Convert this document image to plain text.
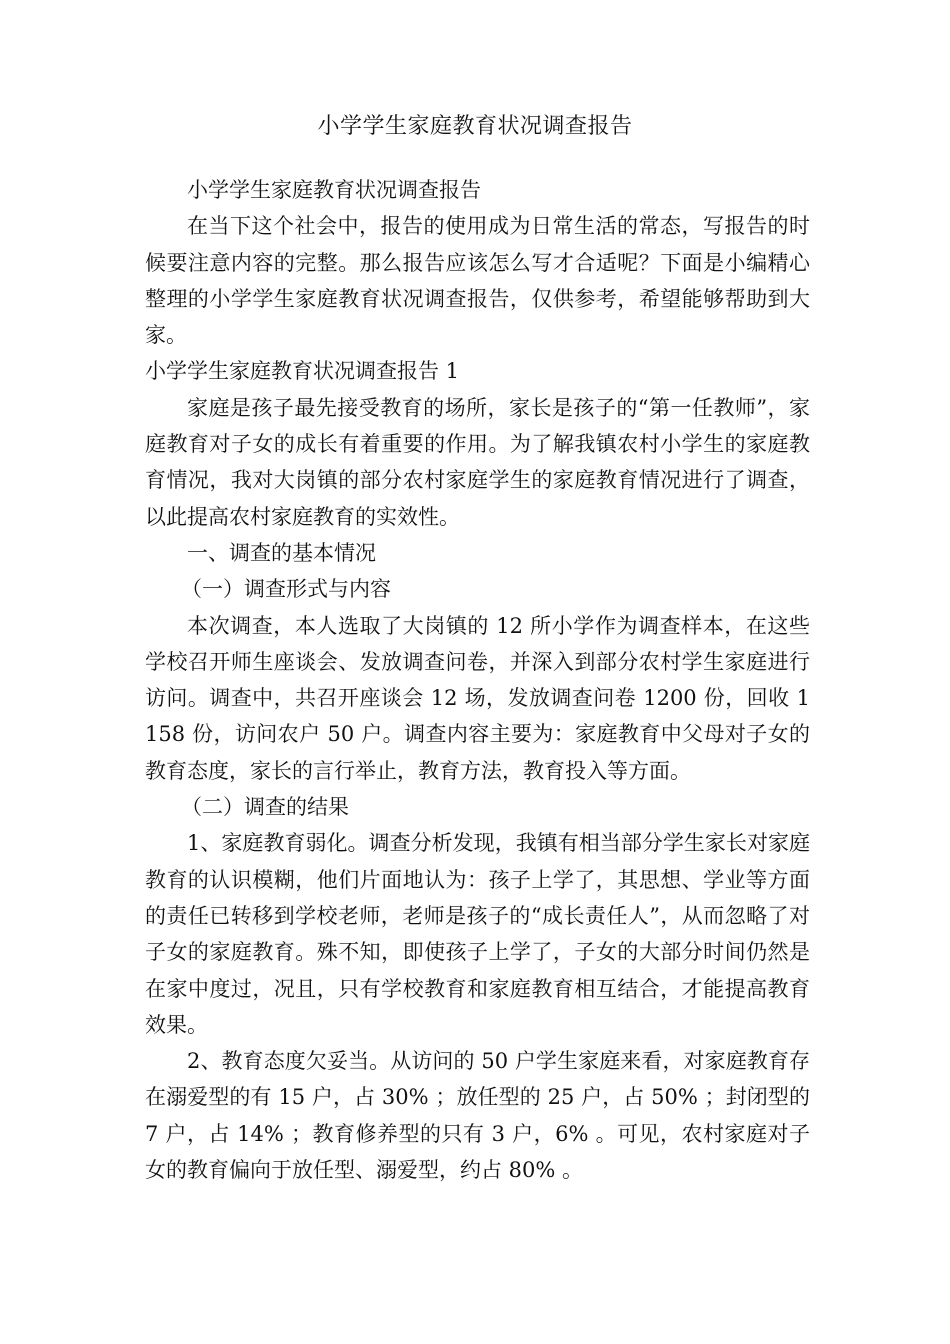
小学学生家庭教育状况调查报告

小学学生家庭教育状况调查报告

在当下这个社会中，报告的使用成为日常生活的常态，写报告的时候要注意内容的完整。那么报告应该怎么写才合适呢？下面是小编精心整理的小学学生家庭教育状况调查报告，仅供参考，希望能够帮助到大家。

小学学生家庭教育状况调查报告 1

家庭是孩子最先接受教育的场所，家长是孩子的“第一任教师”，家庭教育对子女的成长有着重要的作用。为了解我镇农村小学生的家庭教育情况，我对大岗镇的部分农村家庭学生的家庭教育情况进行了调查，以此提高农村家庭教育的实效性。

一、调查的基本情况

（一）调查形式与内容

本次调查，本人选取了大岗镇的 12 所小学作为调查样本，在这些学校召开师生座谈会、发放调查问卷，并深入到部分农村学生家庭进行访问。调查中，共召开座谈会 12 场，发放调查问卷 1200 份，回收 1158 份，访问农户 50 户。调查内容主要为：家庭教育中父母对子女的教育态度，家长的言行举止，教育方法，教育投入等方面。

（二）调查的结果

1、家庭教育弱化。调查分析发现，我镇有相当部分学生家长对家庭教育的认识模糊，他们片面地认为：孩子上学了，其思想、学业等方面的责任已转移到学校老师，老师是孩子的“成长责任人”，从而忽略了对子女的家庭教育。殊不知，即使孩子上学了，子女的大部分时间仍然是在家中度过，况且，只有学校教育和家庭教育相互结合，才能提高教育效果。

2、教育态度欠妥当。从访问的 50 户学生家庭来看，对家庭教育存在溺爱型的有 15 户，占 30% ；放任型的 25 户，占 50% ；封闭型的 7 户，占 14% ；教育修养型的只有 3 户，6% 。可见，农村家庭对子女的教育偏向于放任型、溺爱型，约占 80% 。
